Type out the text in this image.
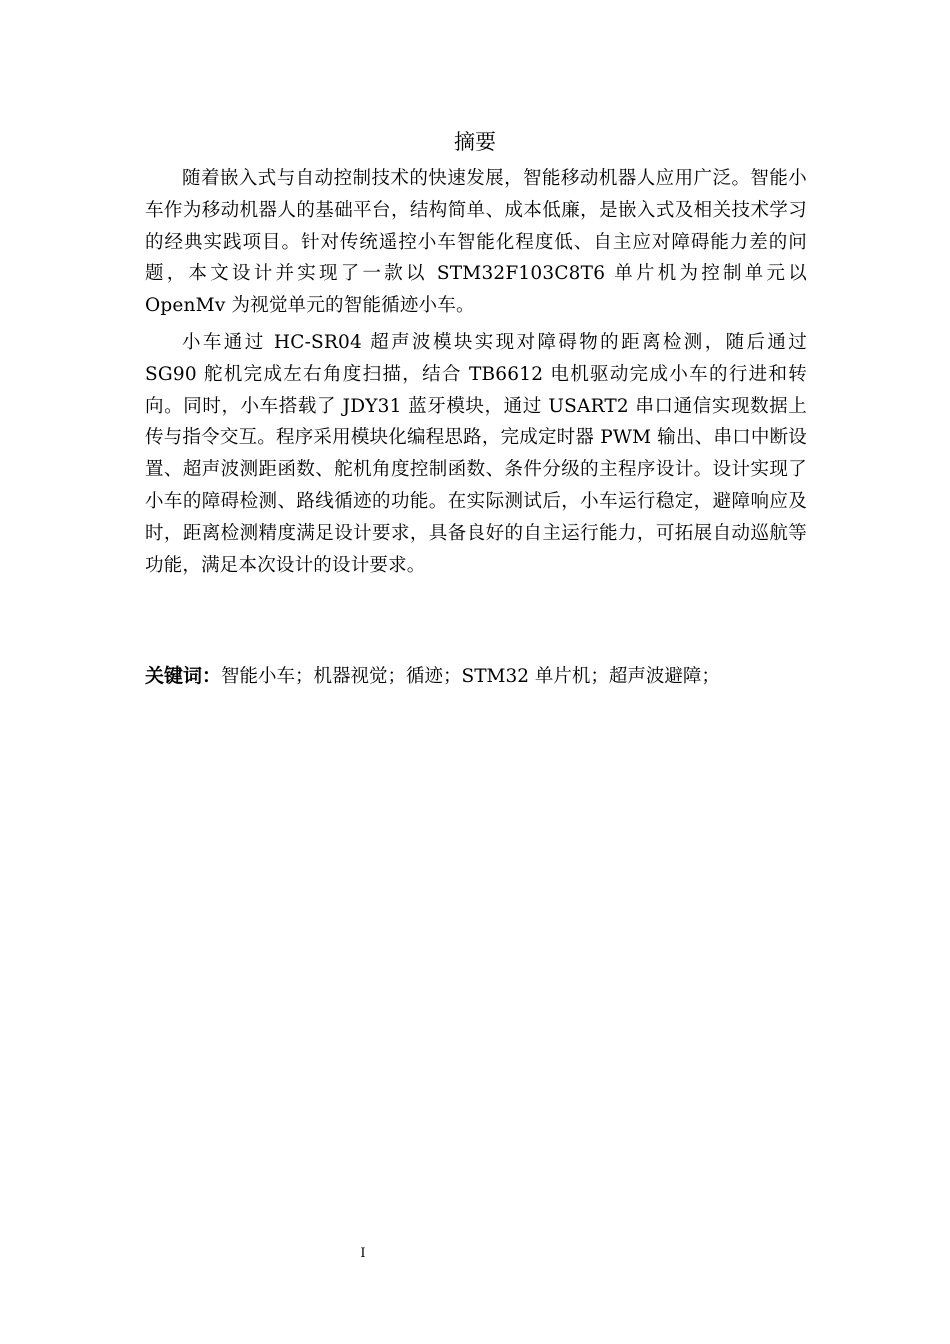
摘要

随着嵌入式与自动控制技术的快速发展，智能移动机器人应用广泛。智能小车作为移动机器人的基础平台，结构简单、成本低廉，是嵌入式及相关技术学习的经典实践项目。针对传统遥控小车智能化程度低、自主应对障碍能力差的问题，本文设计并实现了一款以 STM32F103C8T6 单片机为控制单元以 OpenMv 为视觉单元的智能循迹小车。

小车通过 HC-SR04 超声波模块实现对障碍物的距离检测，随后通过 SG90 舵机完成左右角度扫描，结合 TB6612 电机驱动完成小车的行进和转向。同时，小车搭载了 JDY31 蓝牙模块，通过 USART2 串口通信实现数据上传与指令交互。程序采用模块化编程思路，完成定时器 PWM 输出、串口中断设置、超声波测距函数、舵机角度控制函数、条件分级的主程序设计。设计实现了小车的障碍检测、路线循迹的功能。在实际测试后，小车运行稳定，避障响应及时，距离检测精度满足设计要求，具备良好的自主运行能力，可拓展自动巡航等功能，满足本次设计的设计要求。

关键词：智能小车；机器视觉；循迹；STM32 单片机；超声波避障；
I
